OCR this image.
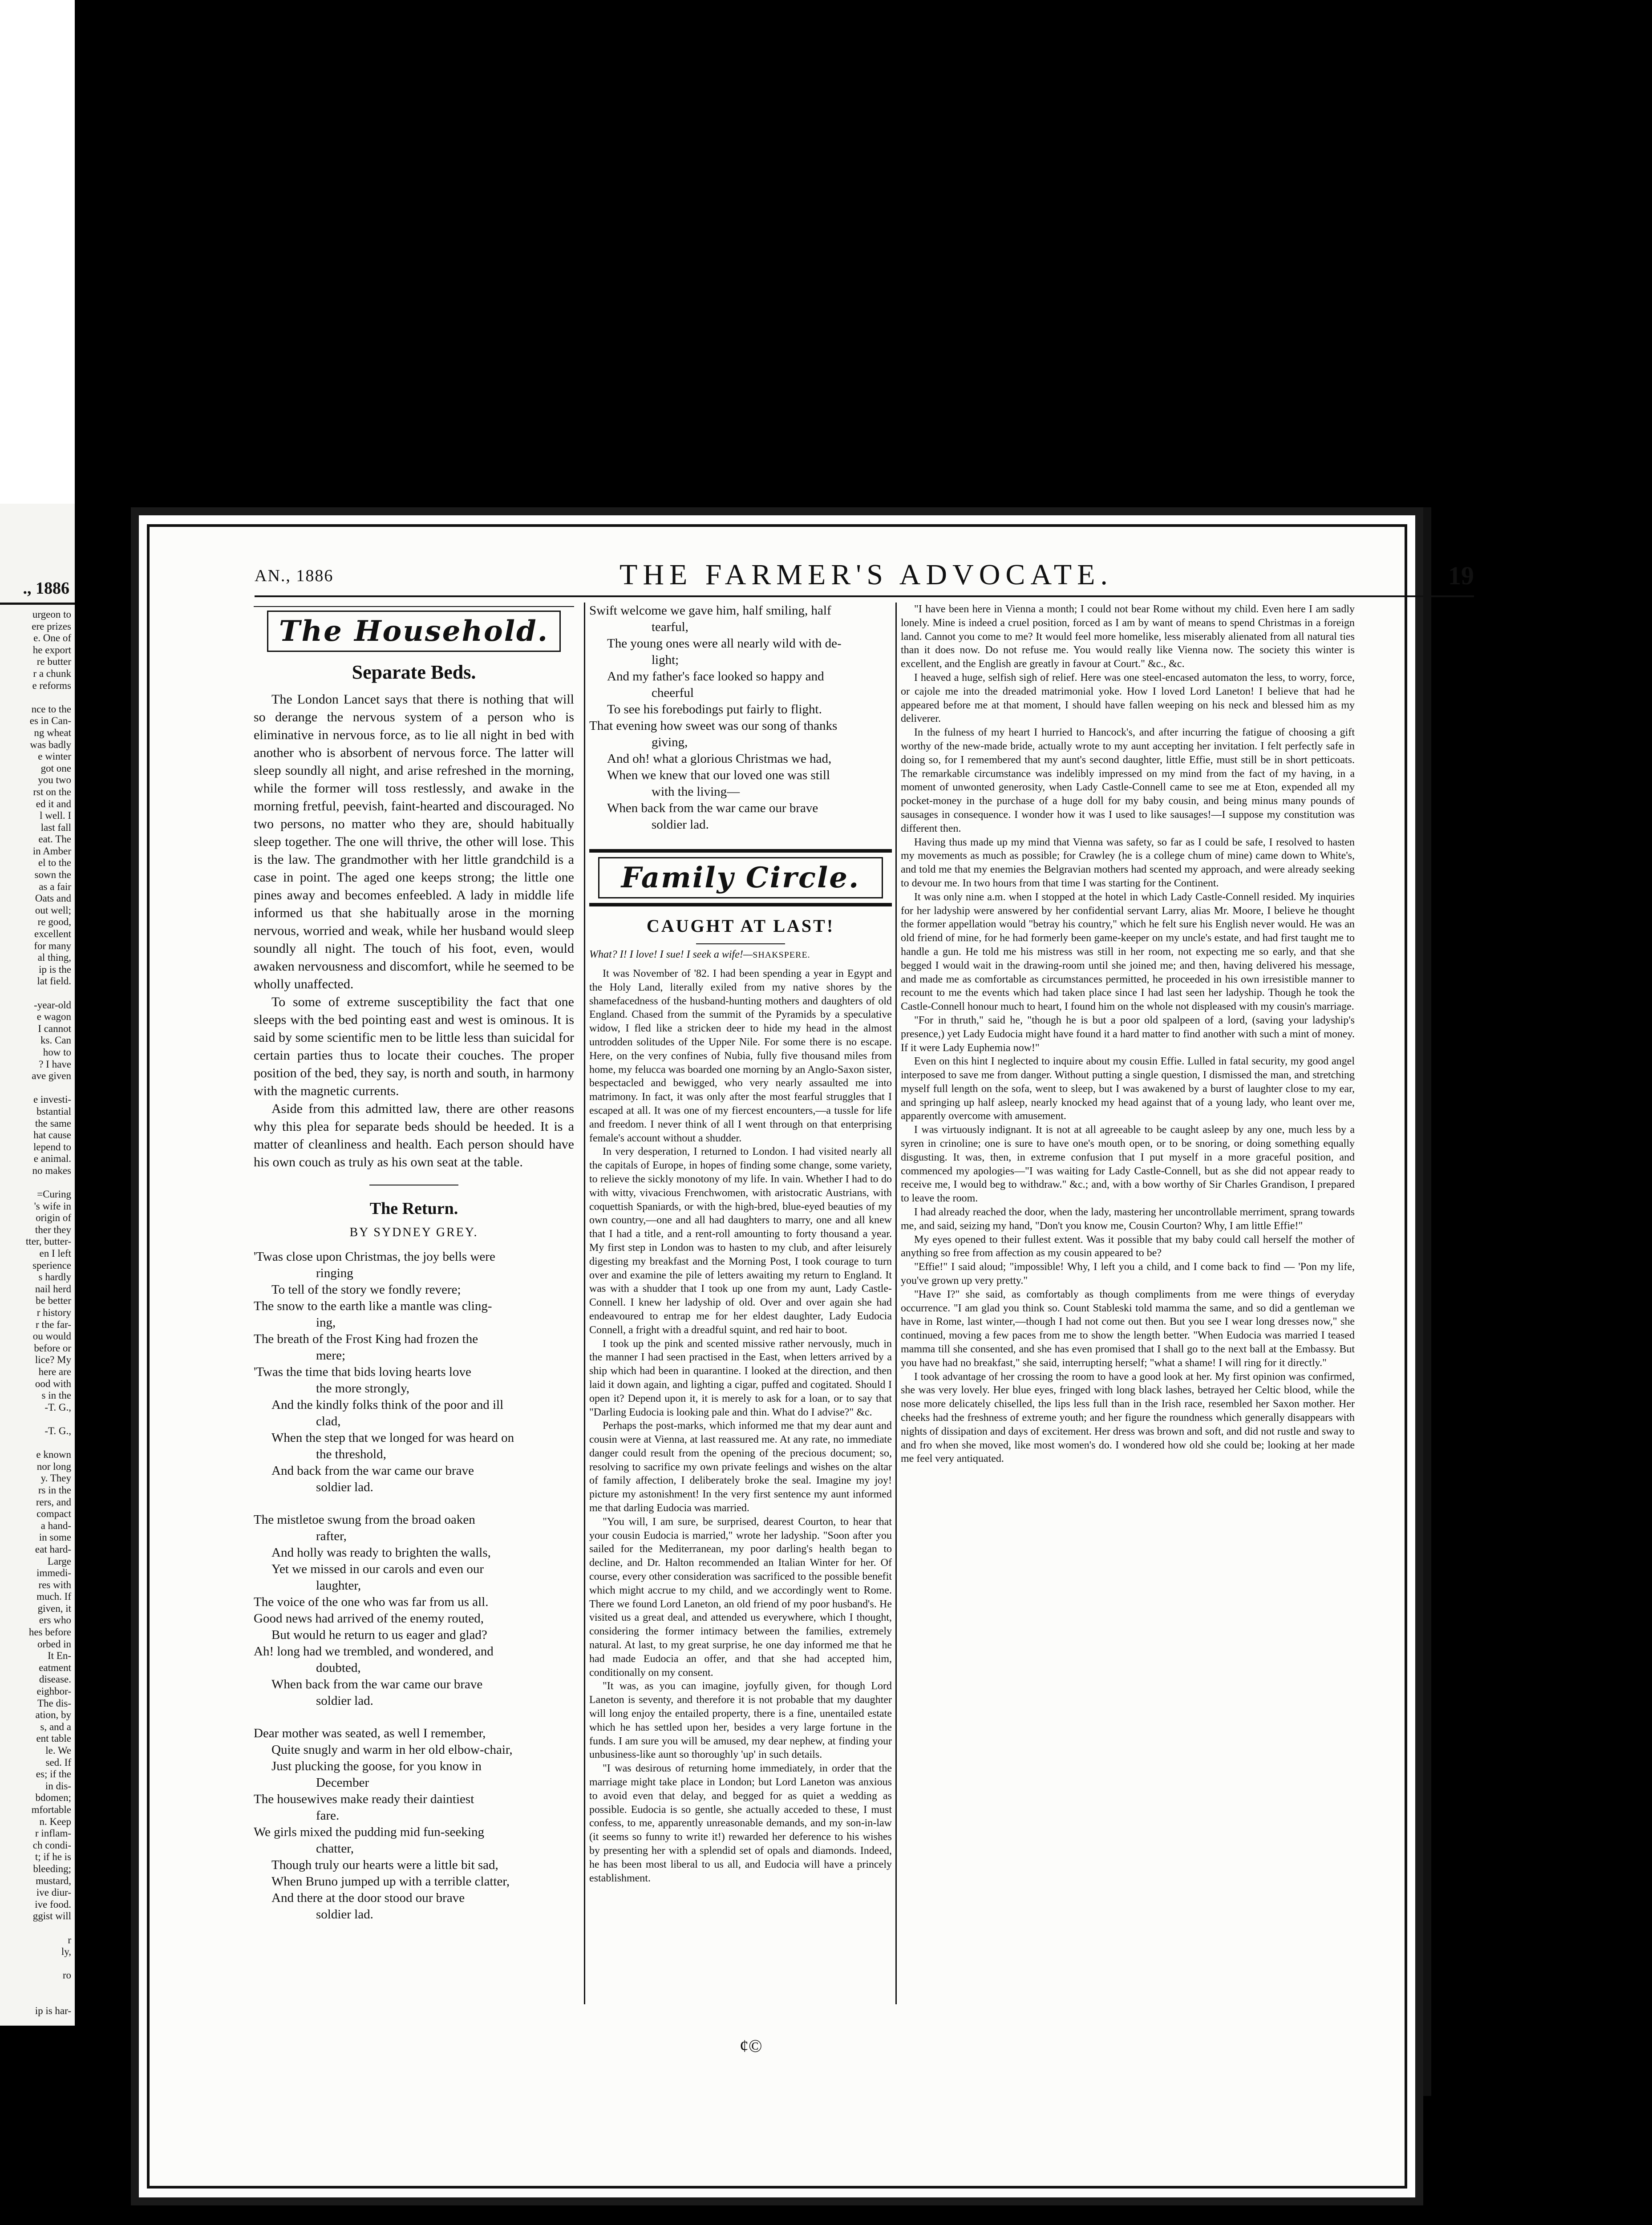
., 1886
urgeon to
ere prizes
e. One of
he export
re butter
r a chunk
e reforms
nce to the
es in Can-
ng wheat
was badly
e winter
got one
you two
rst on the
ed it and
l well. I
last fall
eat. The
in Amber
el to the
sown the
as a fair
Oats and
out well;
re good,
excellent
for many
al thing,
ip is the
lat field.
-year-old
e wagon
I cannot
ks. Can
how to
? I have
ave given
e investi-
bstantial
the same
hat cause
lepend to
e animal.
no makes
=Curing
's wife in
origin of
ther they
tter, butter-
en I left
sperience
s hardly
nail herd
be better
r history
r the far-
ou would
before or
lice? My
here are
ood with
s in the
-T. G.,
-T. G.,
e known
nor long
y. They
rs in the
rers, and
compact
a hand-
in some
eat hard-
Large
immedi-
res with
much. If
given, it
ers who
hes before
orbed in
It En-
eatment
disease.
eighbor-
The dis-
ation, by
s, and a
ent table
le. We
sed. If
es; if the
in dis-
bdomen;
mfortable
n. Keep
r inflam-
ch condi-
t; if he is
bleeding;
mustard,
ive diur-
ive food.
ggist will
r
ly,
ro
ip is har-
AN., 1886	THE FARMER'S ADVOCATE.	19
The Household.
Separate Beds.

The London Lancet says that there is nothing that will so derange the nervous system of a person who is eliminative in nervous force, as to lie all night in bed with another who is absorbent of nervous force. The latter will sleep soundly all night, and arise refreshed in the morning, while the former will toss restlessly, and awake in the morning fretful, peevish, faint-hearted and discouraged. No two persons, no matter who they are, should habitually sleep together. The one will thrive, the other will lose. This is the law. The grandmother with her little grandchild is a case in point. The aged one keeps strong; the little one pines away and becomes enfeebled. A lady in middle life informed us that she habitually arose in the morning nervous, worried and weak, while her husband would sleep soundly all night. The touch of his foot, even, would awaken nervousness and discomfort, while he seemed to be wholly unaffected.

To some of extreme susceptibility the fact that one sleeps with the bed pointing east and west is ominous. It is said by some scientific men to be little less than suicidal for certain parties thus to locate their couches. The proper position of the bed, they say, is north and south, in harmony with the magnetic currents.

Aside from this admitted law, there are other reasons why this plea for separate beds should be heeded. It is a matter of cleanliness and health. Each person should have his own couch as truly as his own seat at the table.

The Return.
BY SYDNEY GREY.
'Twas close upon Christmas, the joy bells were
ringing
To tell of the story we fondly revere;
The snow to the earth like a mantle was cling-
ing,
The breath of the Frost King had frozen the
mere;
'Twas the time that bids loving hearts love
the more strongly,
And the kindly folks think of the poor and ill
clad,
When the step that we longed for was heard on
the threshold,
And back from the war came our brave
soldier lad.
The mistletoe swung from the broad oaken
rafter,
And holly was ready to brighten the walls,
Yet we missed in our carols and even our
laughter,
The voice of the one who was far from us all.
Good news had arrived of the enemy routed,
But would he return to us eager and glad?
Ah! long had we trembled, and wondered, and
doubted,
When back from the war came our brave
soldier lad.
Dear mother was seated, as well I remember,
Quite snugly and warm in her old elbow-chair,
Just plucking the goose, for you know in
December
The housewives make ready their daintiest
fare.
We girls mixed the pudding mid fun-seeking
chatter,
Though truly our hearts were a little bit sad,
When Bruno jumped up with a terrible clatter,
And there at the door stood our brave
soldier lad.
Swift welcome we gave him, half smiling, half
tearful,
The young ones were all nearly wild with de-
light;
And my father's face looked so happy and
cheerful
To see his forebodings put fairly to flight.
That evening how sweet was our song of thanks
giving,
And oh! what a glorious Christmas we had,
When we knew that our loved one was still
with the living—
When back from the war came our brave
soldier lad.
Family Circle.
CAUGHT AT LAST!
What? I! I love! I sue! I seek a wife!—SHAKSPERE.

It was November of '82. I had been spending a year in Egypt and the Holy Land, literally exiled from my native shores by the shamefacedness of the husband-hunting mothers and daughters of old England. Chased from the summit of the Pyramids by a speculative widow, I fled like a stricken deer to hide my head in the almost untrodden solitudes of the Upper Nile. For some there is no escape. Here, on the very confines of Nubia, fully five thousand miles from home, my felucca was boarded one morning by an Anglo-Saxon sister, bespectacled and bewigged, who very nearly assaulted me into matrimony. In fact, it was only after the most fearful struggles that I escaped at all. It was one of my fiercest encounters,—a tussle for life and freedom. I never think of all I went through on that enterprising female's account without a shudder.

In very desperation, I returned to London. I had visited nearly all the capitals of Europe, in hopes of finding some change, some variety, to relieve the sickly monotony of my life. In vain. Whether I had to do with witty, vivacious Frenchwomen, with aristocratic Austrians, with coquettish Spaniards, or with the high-bred, blue-eyed beauties of my own country,—one and all had daughters to marry, one and all knew that I had a title, and a rent-roll amounting to forty thousand a year. My first step in London was to hasten to my club, and after leisurely digesting my breakfast and the Morning Post, I took courage to turn over and examine the pile of letters awaiting my return to England. It was with a shudder that I took up one from my aunt, Lady Castle-Connell. I knew her ladyship of old. Over and over again she had endeavoured to entrap me for her eldest daughter, Lady Eudocia Connell, a fright with a dreadful squint, and red hair to boot.

I took up the pink and scented missive rather nervously, much in the manner I had seen practised in the East, when letters arrived by a ship which had been in quarantine. I looked at the direction, and then laid it down again, and lighting a cigar, puffed and cogitated. Should I open it? Depend upon it, it is merely to ask for a loan, or to say that "Darling Eudocia is looking pale and thin. What do I advise?" &c.

Perhaps the post-marks, which informed me that my dear aunt and cousin were at Vienna, at last reassured me. At any rate, no immediate danger could result from the opening of the precious document; so, resolving to sacrifice my own private feelings and wishes on the altar of family affection, I deliberately broke the seal. Imagine my joy! picture my astonishment! In the very first sentence my aunt informed me that darling Eudocia was married.

"You will, I am sure, be surprised, dearest Courton, to hear that your cousin Eudocia is married," wrote her ladyship. "Soon after you sailed for the Mediterranean, my poor darling's health began to decline, and Dr. Halton recommended an Italian Winter for her. Of course, every other consideration was sacrificed to the possible benefit which might accrue to my child, and we accordingly went to Rome. There we found Lord Laneton, an old friend of my poor husband's. He visited us a great deal, and attended us everywhere, which I thought, considering the former intimacy between the families, extremely natural. At last, to my great surprise, he one day informed me that he had made Eudocia an offer, and that she had accepted him, conditionally on my consent.

"It was, as you can imagine, joyfully given, for though Lord Laneton is seventy, and therefore it is not probable that my daughter will long enjoy the entailed property, there is a fine, unentailed estate which he has settled upon her, besides a very large fortune in the funds. I am sure you will be amused, my dear nephew, at finding your unbusiness-like aunt so thoroughly 'up' in such details.

"I was desirous of returning home immediately, in order that the marriage might take place in London; but Lord Laneton was anxious to avoid even that delay, and begged for as quiet a wedding as possible. Eudocia is so gentle, she actually acceded to these, I must confess, to me, apparently unreasonable demands, and my son-in-law (it seems so funny to write it!) rewarded her deference to his wishes by presenting her with a splendid set of opals and diamonds. Indeed, he has been most liberal to us all, and Eudocia will have a princely establishment.

"I have been here in Vienna a month; I could not bear Rome without my child. Even here I am sadly lonely. Mine is indeed a cruel position, forced as I am by want of means to spend Christmas in a foreign land. Cannot you come to me? It would feel more homelike, less miserably alienated from all natural ties than it does now. Do not refuse me. You would really like Vienna now. The society this winter is excellent, and the English are greatly in favour at Court." &c., &c.

I heaved a huge, selfish sigh of relief. Here was one steel-encased automaton the less, to worry, force, or cajole me into the dreaded matrimonial yoke. How I loved Lord Laneton! I believe that had he appeared before me at that moment, I should have fallen weeping on his neck and blessed him as my deliverer.

In the fulness of my heart I hurried to Hancock's, and after incurring the fatigue of choosing a gift worthy of the new-made bride, actually wrote to my aunt accepting her invitation. I felt perfectly safe in doing so, for I remembered that my aunt's second daughter, little Effie, must still be in short petticoats. The remarkable circumstance was indelibly impressed on my mind from the fact of my having, in a moment of unwonted generosity, when Lady Castle-Connell came to see me at Eton, expended all my pocket-money in the purchase of a huge doll for my baby cousin, and being minus many pounds of sausages in consequence. I wonder how it was I used to like sausages!—I suppose my constitution was different then.

Having thus made up my mind that Vienna was safety, so far as I could be safe, I resolved to hasten my movements as much as possible; for Crawley (he is a college chum of mine) came down to White's, and told me that my enemies the Belgravian mothers had scented my approach, and were already seeking to devour me. In two hours from that time I was starting for the Continent.

It was only nine a.m. when I stopped at the hotel in which Lady Castle-Connell resided. My inquiries for her ladyship were answered by her confidential servant Larry, alias Mr. Moore, I believe he thought the former appellation would "betray his country," which he felt sure his English never would. He was an old friend of mine, for he had formerly been game-keeper on my uncle's estate, and had first taught me to handle a gun. He told me his mistress was still in her room, not expecting me so early, and that she begged I would wait in the drawing-room until she joined me; and then, having delivered his message, and made me as comfortable as circumstances permitted, he proceeded in his own irresistible manner to recount to me the events which had taken place since I had last seen her ladyship. Though he took the Castle-Connell honour much to heart, I found him on the whole not displeased with my cousin's marriage.

"For in thruth," said he, "though he is but a poor old spalpeen of a lord, (saving your ladyship's presence,) yet Lady Eudocia might have found it a hard matter to find another with such a mint of money. If it were Lady Euphemia now!"

Even on this hint I neglected to inquire about my cousin Effie. Lulled in fatal security, my good angel interposed to save me from danger. Without putting a single question, I dismissed the man, and stretching myself full length on the sofa, went to sleep, but I was awakened by a burst of laughter close to my ear, and springing up half asleep, nearly knocked my head against that of a young lady, who leant over me, apparently overcome with amusement.

I was virtuously indignant. It is not at all agreeable to be caught asleep by any one, much less by a syren in crinoline; one is sure to have one's mouth open, or to be snoring, or doing something equally disgusting. It was, then, in extreme confusion that I put myself in a more graceful position, and commenced my apologies—"I was waiting for Lady Castle-Connell, but as she did not appear ready to receive me, I would beg to withdraw." &c.; and, with a bow worthy of Sir Charles Grandison, I prepared to leave the room.

I had already reached the door, when the lady, mastering her uncontrollable merriment, sprang towards me, and said, seizing my hand, "Don't you know me, Cousin Courton? Why, I am little Effie!"

My eyes opened to their fullest extent. Was it possible that my baby could call herself the mother of anything so free from affection as my cousin appeared to be?

"Effie!" I said aloud; "impossible! Why, I left you a child, and I come back to find — 'Pon my life, you've grown up very pretty."

"Have I?" she said, as comfortably as though compliments from me were things of everyday occurrence. "I am glad you think so. Count Stableski told mamma the same, and so did a gentleman we have in Rome, last winter,—though I had not come out then. But you see I wear long dresses now," she continued, moving a few paces from me to show the length better. "When Eudocia was married I teased mamma till she consented, and she has even promised that I shall go to the next ball at the Embassy. But you have had no breakfast," she said, interrupting herself; "what a shame! I will ring for it directly."

I took advantage of her crossing the room to have a good look at her. My first opinion was confirmed, she was very lovely. Her blue eyes, fringed with long black lashes, betrayed her Celtic blood, while the nose more delicately chiselled, the lips less full than in the Irish race, resembled her Saxon mother. Her cheeks had the freshness of extreme youth; and her figure the roundness which generally disappears with nights of dissipation and days of excitement. Her dress was brown and soft, and did not rustle and sway to and fro when she moved, like most women's do. I wondered how old she could be; looking at her made me feel very antiquated.

¢©
